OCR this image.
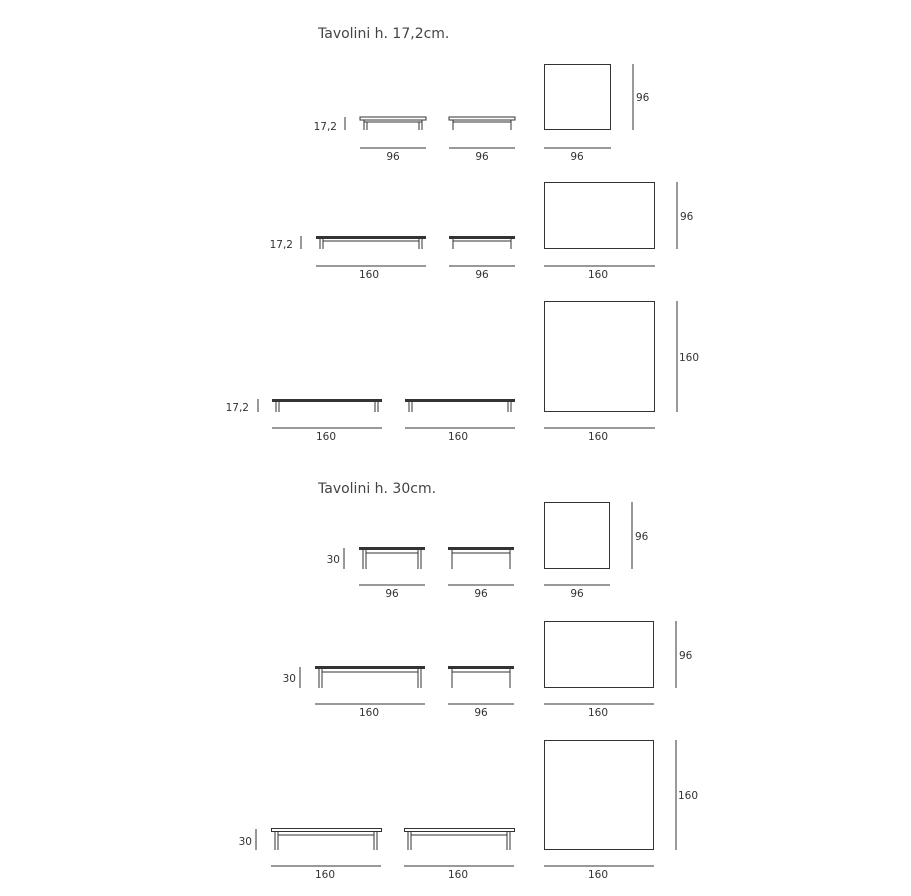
Tavolini h. 17,2cm.
17,2
96	96	96
96
17,2
160	96	160
96
17,2
160	160	160
160
Tavolini h. 30cm.
30
96	96	96
96
30
160	96	160
96
30
160	160	160
160
